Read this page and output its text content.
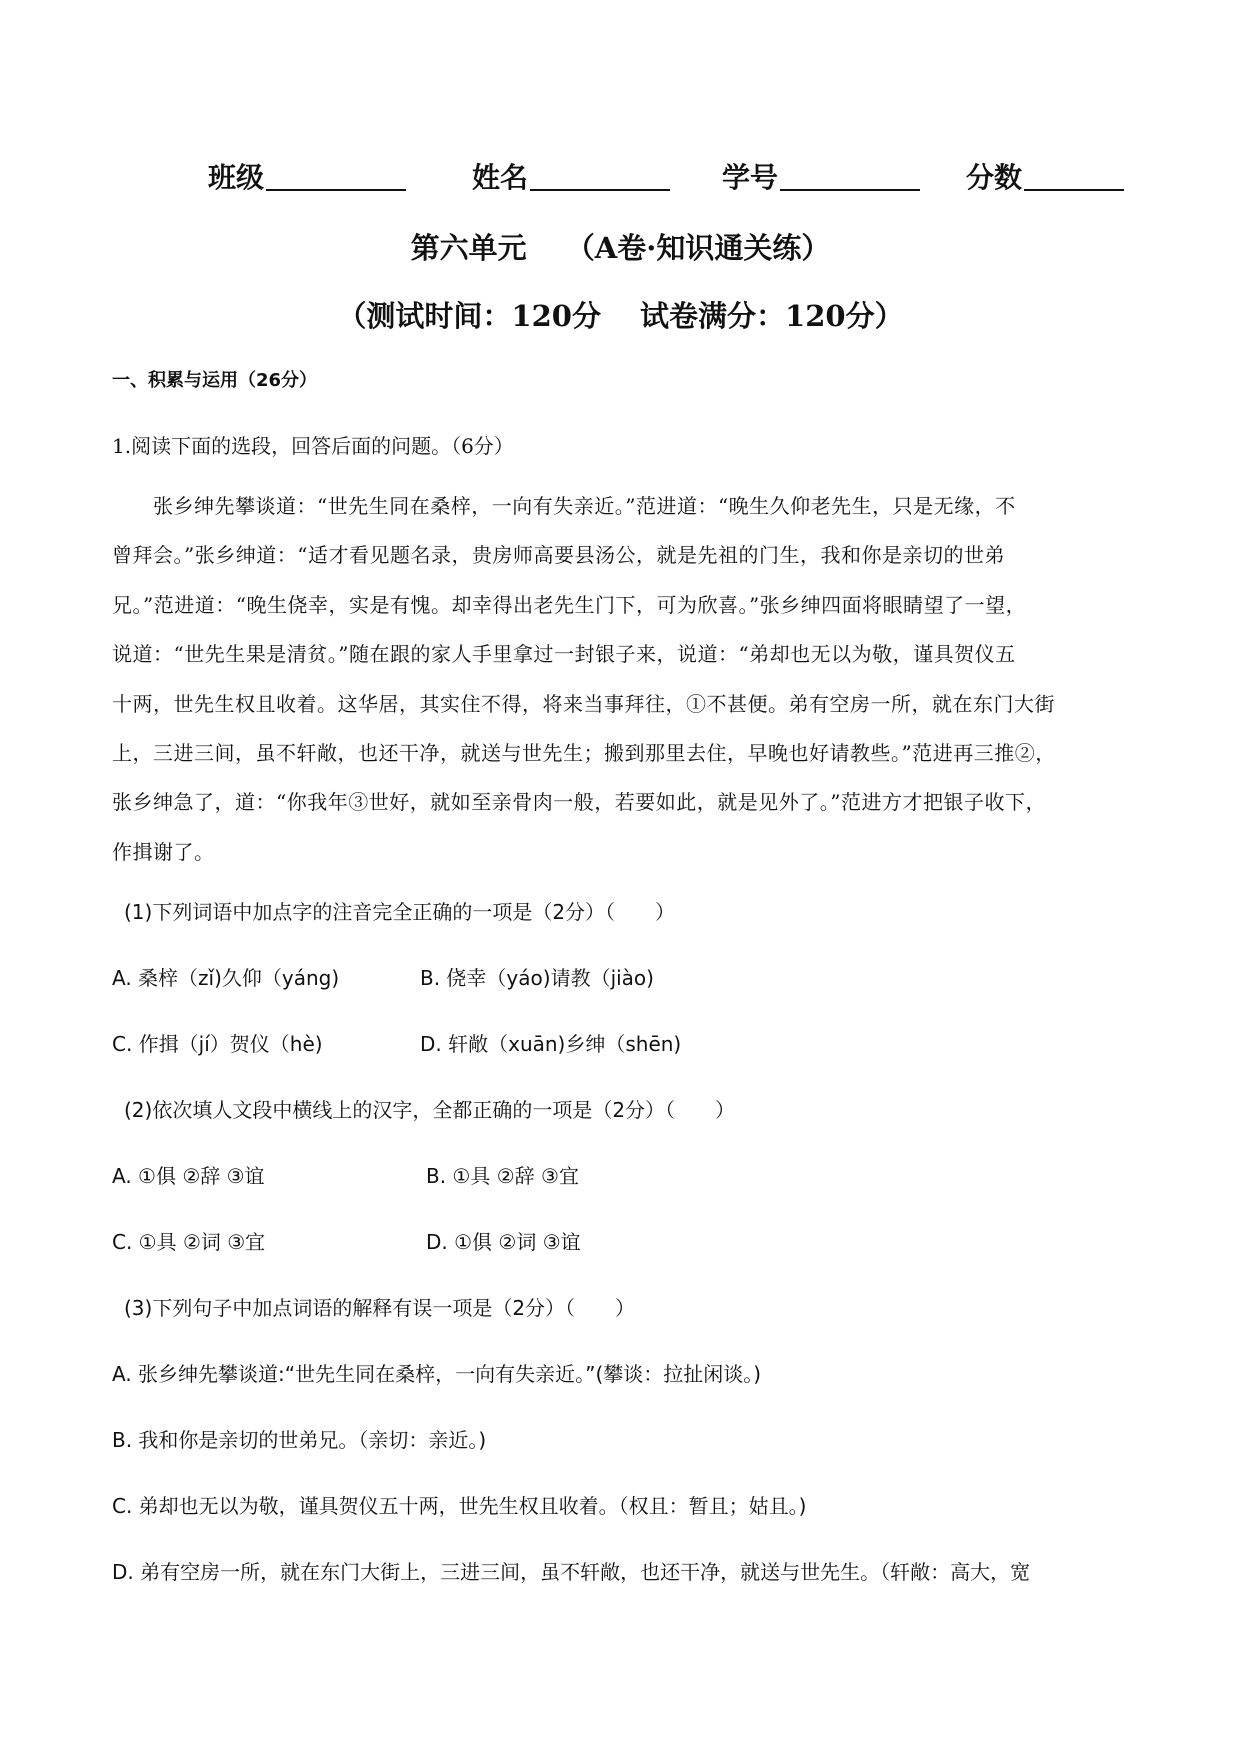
班级	姓名	学号	分数
第六单元　 （A卷·知识通关练）
（测试时间：120分　 试卷满分：120分）
一、积累与运用（26分）
1.阅读下面的选段，回答后面的问题。（6分）
　　张乡绅先攀谈道：“世先生同在桑梓，一向有失亲近。”范进道：“晚生久仰老先生，只是无缘，不
曾拜会。”张乡绅道：“适才看见题名录，贵房师高要县汤公，就是先祖的门生，我和你是亲切的世弟
兄。”范进道：“晚生侥幸，实是有愧。却幸得出老先生门下，可为欣喜。”张乡绅四面将眼睛望了一望，
说道：“世先生果是清贫。”随在跟的家人手里拿过一封银子来，说道：“弟却也无以为敬，谨具贺仪五
十两，世先生权且收着。这华居，其实住不得，将来当事拜往，①不甚便。弟有空房一所，就在东门大街
上，三进三间，虽不轩敞，也还干净，就送与世先生；搬到那里去住，早晚也好请教些。”范进再三推②，
张乡绅急了，道：“你我年③世好，就如至亲骨肉一般，若要如此，就是见外了。”范进方才把银子收下，
作揖谢了。
(1)下列词语中加点字的注音完全正确的一项是（2分）（　　）
A. 桑梓（zǐ)久仰（yáng)	B. 侥幸（yáo)请教（jiào)
C. 作揖（jí）贺仪（hè)	D. 轩敞（xuān)乡绅（shēn)
(2)依次填人文段中横线上的汉字，全都正确的一项是（2分）（　　）
A. ①俱 ②辞 ③谊	B. ①具 ②辞 ③宜
C. ①具 ②词 ③宜	D. ①俱 ②词 ③谊
(3)下列句子中加点词语的解释有误一项是（2分）（　　）
A. 张乡绅先攀谈道:“世先生同在桑梓，一向有失亲近。”(攀谈：拉扯闲谈。)
B. 我和你是亲切的世弟兄。（亲切：亲近。)
C. 弟却也无以为敬，谨具贺仪五十两，世先生权且收着。（权且：暂且；姑且。)
D. 弟有空房一所，就在东门大街上，三进三间，虽不轩敞，也还干净，就送与世先生。（轩敞：高大，宽
